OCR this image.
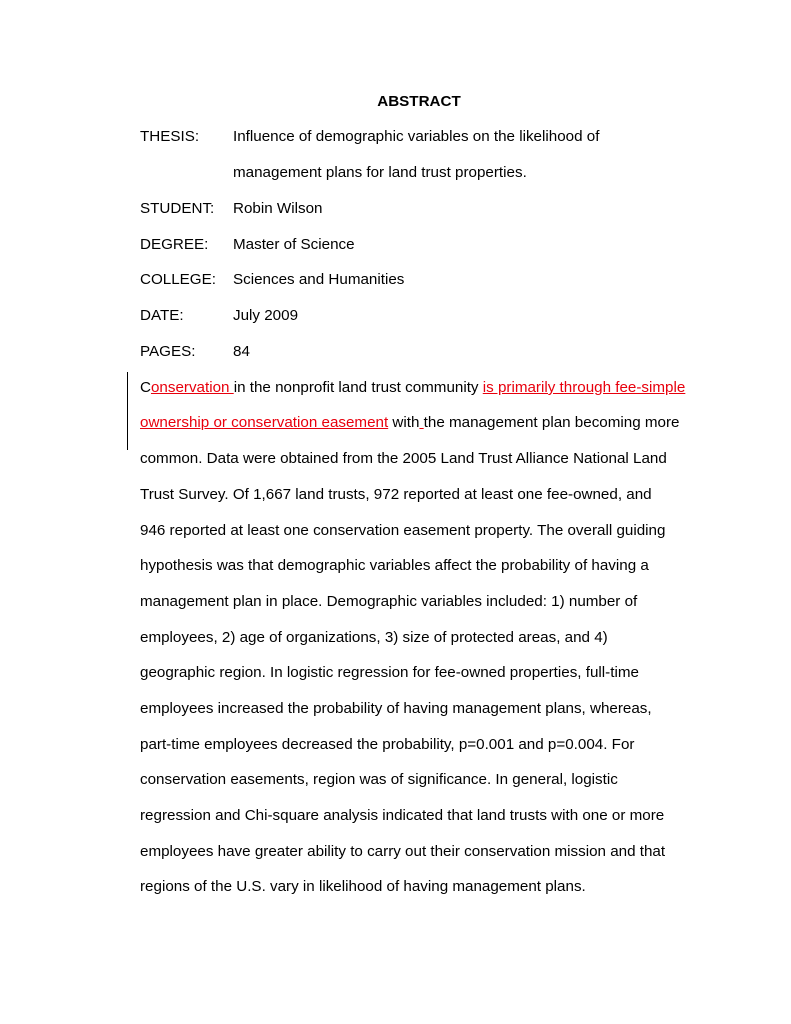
ABSTRACT
THESIS: Influence of demographic variables on the likelihood of
management plans for land trust properties.
STUDENT: Robin Wilson
DEGREE: Master of Science
COLLEGE: Sciences and Humanities
DATE:	July 2009
PAGES: 84
Conservation in the nonprofit land trust community is primarily through fee-simple
ownership or conservation easement with the management plan becoming more
common. Data were obtained from the 2005 Land Trust Alliance National Land
Trust Survey. Of 1,667 land trusts, 972 reported at least one fee-owned, and
946 reported at least one conservation easement property. The overall guiding
hypothesis was that demographic variables affect the probability of having a
management plan in place. Demographic variables included: 1) number of
employees, 2) age of organizations, 3) size of protected areas, and 4)
geographic region. In logistic regression for fee-owned properties, full-time
employees increased the probability of having management plans, whereas,
part-time employees decreased the probability, p=0.001 and p=0.004. For
conservation easements, region was of significance. In general, logistic
regression and Chi-square analysis indicated that land trusts with one or more
employees have greater ability to carry out their conservation mission and that
regions of the U.S. vary in likelihood of having management plans.
